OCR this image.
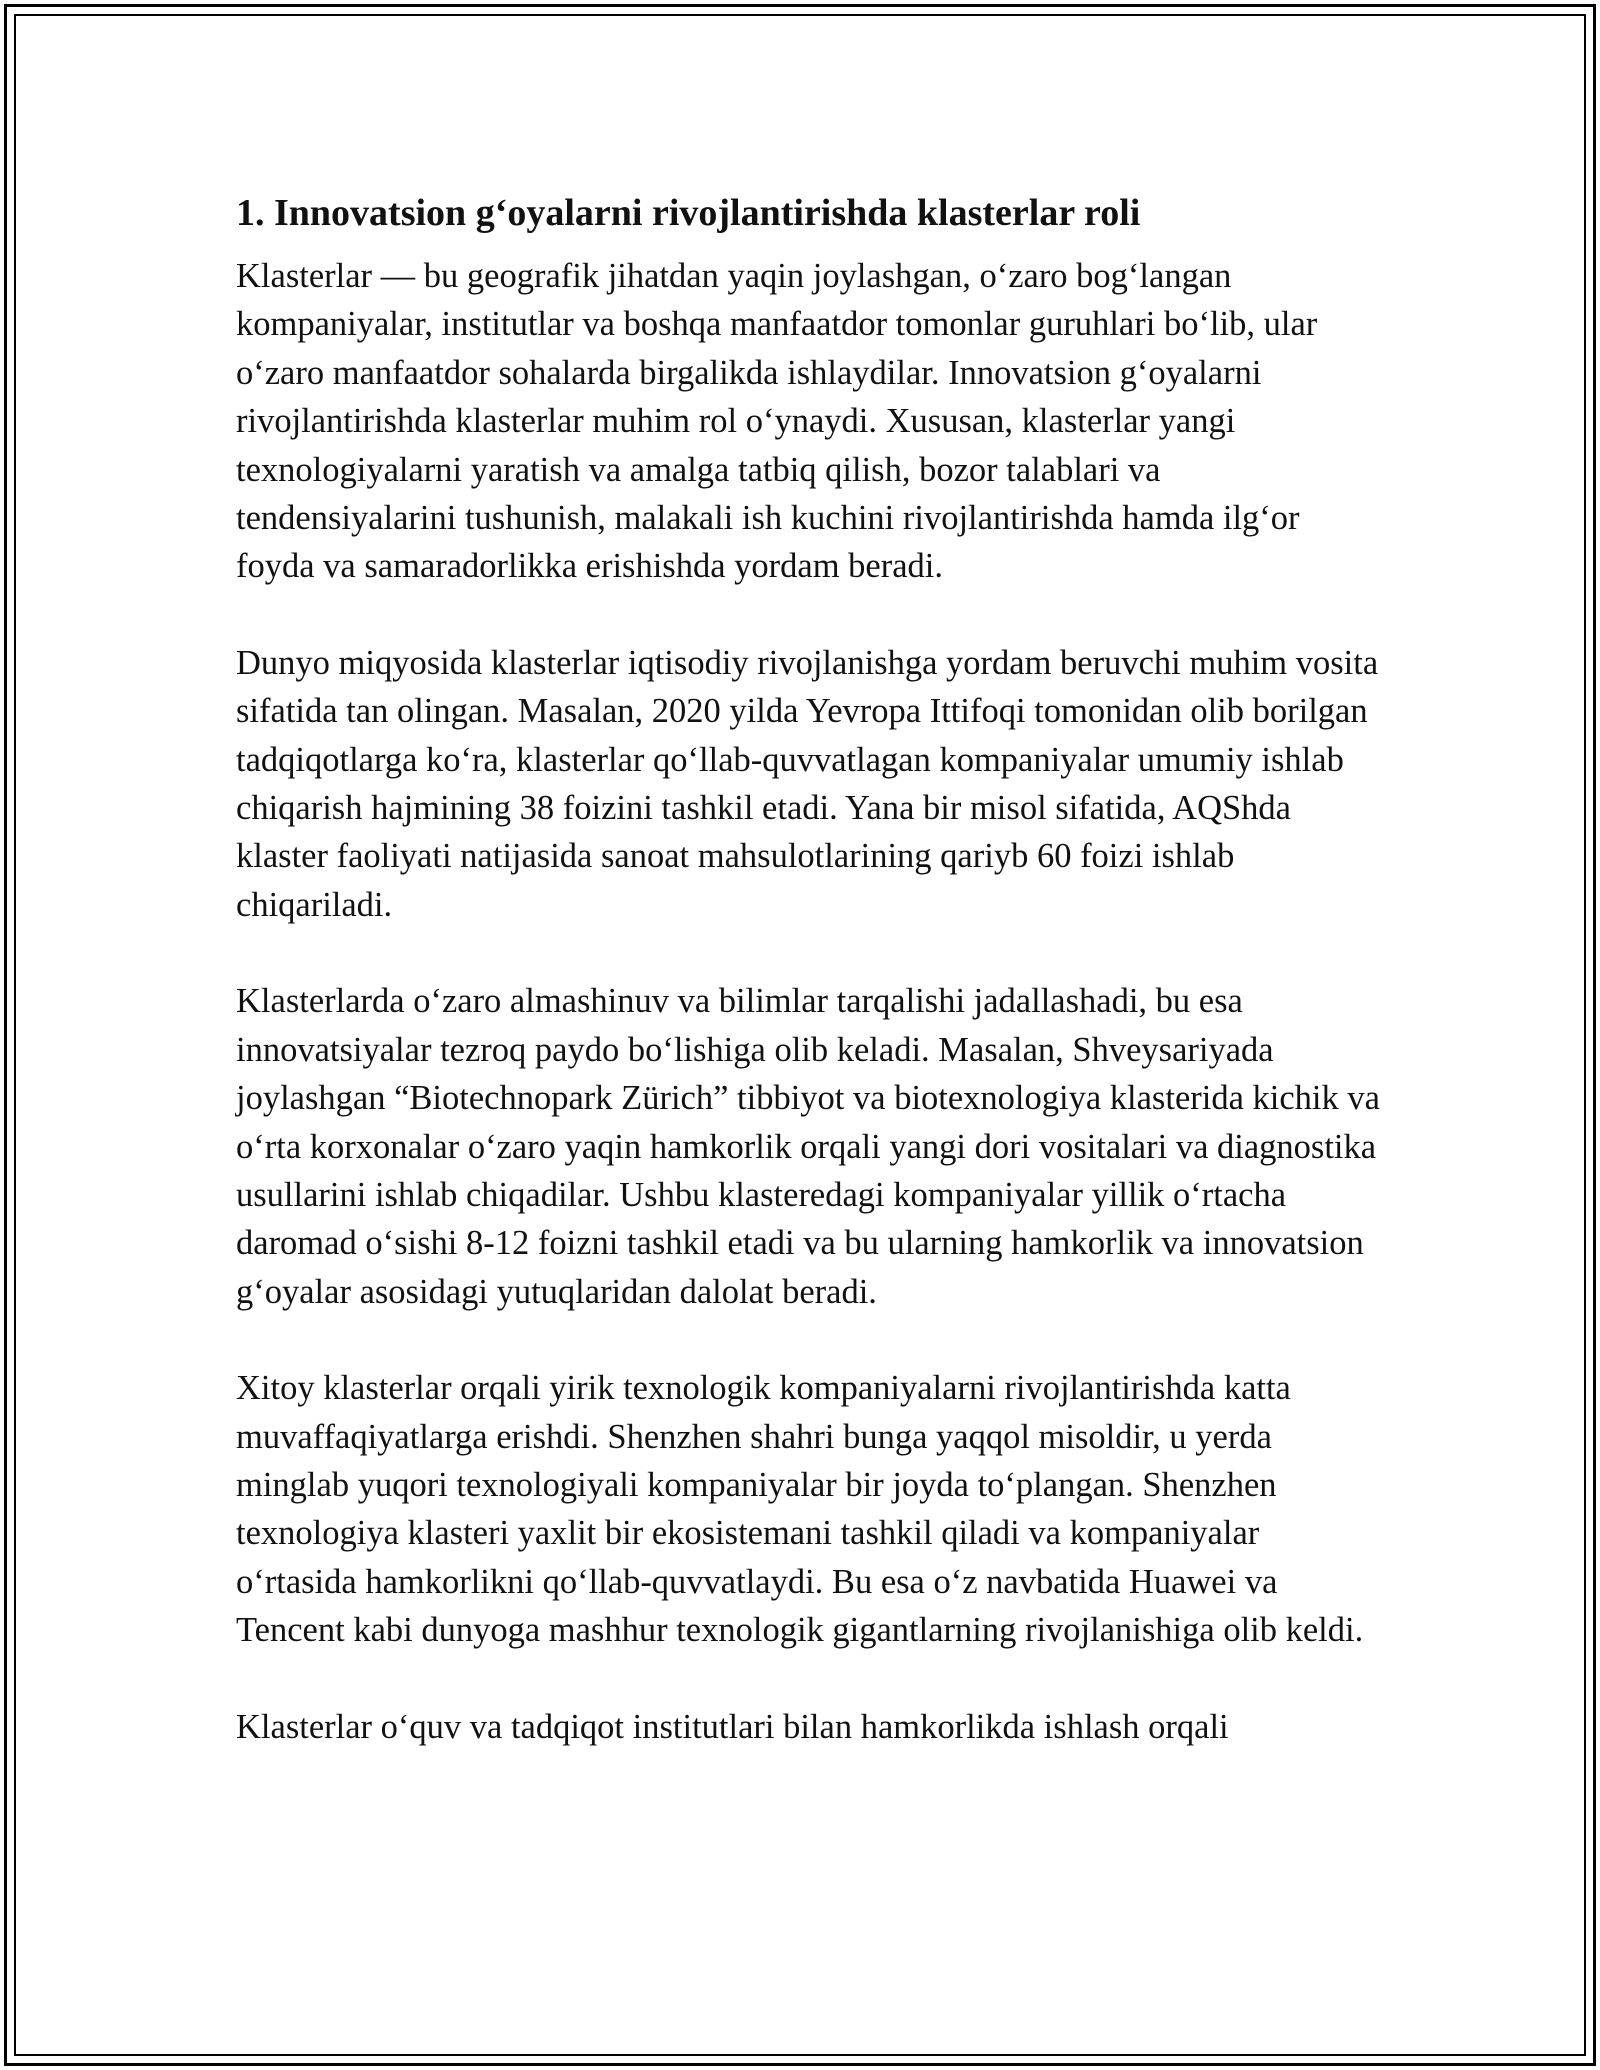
1. Innovatsion g‘oyalarni rivojlantirishda klasterlar roli

Klasterlar — bu geografik jihatdan yaqin joylashgan, o‘zaro bog‘langan kompaniyalar, institutlar va boshqa manfaatdor tomonlar guruhlari bo‘lib, ular o‘zaro manfaatdor sohalarda birgalikda ishlaydilar. Innovatsion g‘oyalarni rivojlantirishda klasterlar muhim rol o‘ynaydi. Xususan, klasterlar yangi texnologiyalarni yaratish va amalga tatbiq qilish, bozor talablari va tendensiyalarini tushunish, malakali ish kuchini rivojlantirishda hamda ilg‘or foyda va samaradorlikka erishishda yordam beradi.

Dunyo miqyosida klasterlar iqtisodiy rivojlanishga yordam beruvchi muhim vosita sifatida tan olingan. Masalan, 2020 yilda Yevropa Ittifoqi tomonidan olib borilgan tadqiqotlarga ko‘ra, klasterlar qo‘llab-quvvatlagan kompaniyalar umumiy ishlab chiqarish hajmining 38 foizini tashkil etadi. Yana bir misol sifatida, AQShda klaster faoliyati natijasida sanoat mahsulotlarining qariyb 60 foizi ishlab chiqariladi.

Klasterlarda o‘zaro almashinuv va bilimlar tarqalishi jadallashadi, bu esa innovatsiyalar tezroq paydo bo‘lishiga olib keladi. Masalan, Shveysariyada joylashgan “Biotechnopark Zürich” tibbiyot va biotexnologiya klasterida kichik va o‘rta korxonalar o‘zaro yaqin hamkorlik orqali yangi dori vositalari va diagnostika usullarini ishlab chiqadilar. Ushbu klasteredagi kompaniyalar yillik o‘rtacha daromad o‘sishi 8-12 foizni tashkil etadi va bu ularning hamkorlik va innovatsion g‘oyalar asosidagi yutuqlaridan dalolat beradi.

Xitoy klasterlar orqali yirik texnologik kompaniyalarni rivojlantirishda katta muvaffaqiyatlarga erishdi. Shenzhen shahri bunga yaqqol misoldir, u yerda minglab yuqori texnologiyali kompaniyalar bir joyda to‘plangan. Shenzhen texnologiya klasteri yaxlit bir ekosistemani tashkil qiladi va kompaniyalar o‘rtasida hamkorlikni qo‘llab-quvvatlaydi. Bu esa o‘z navbatida Huawei va Tencent kabi dunyoga mashhur texnologik gigantlarning rivojlanishiga olib keldi.

Klasterlar o‘quv va tadqiqot institutlari bilan hamkorlikda ishlash orqali
